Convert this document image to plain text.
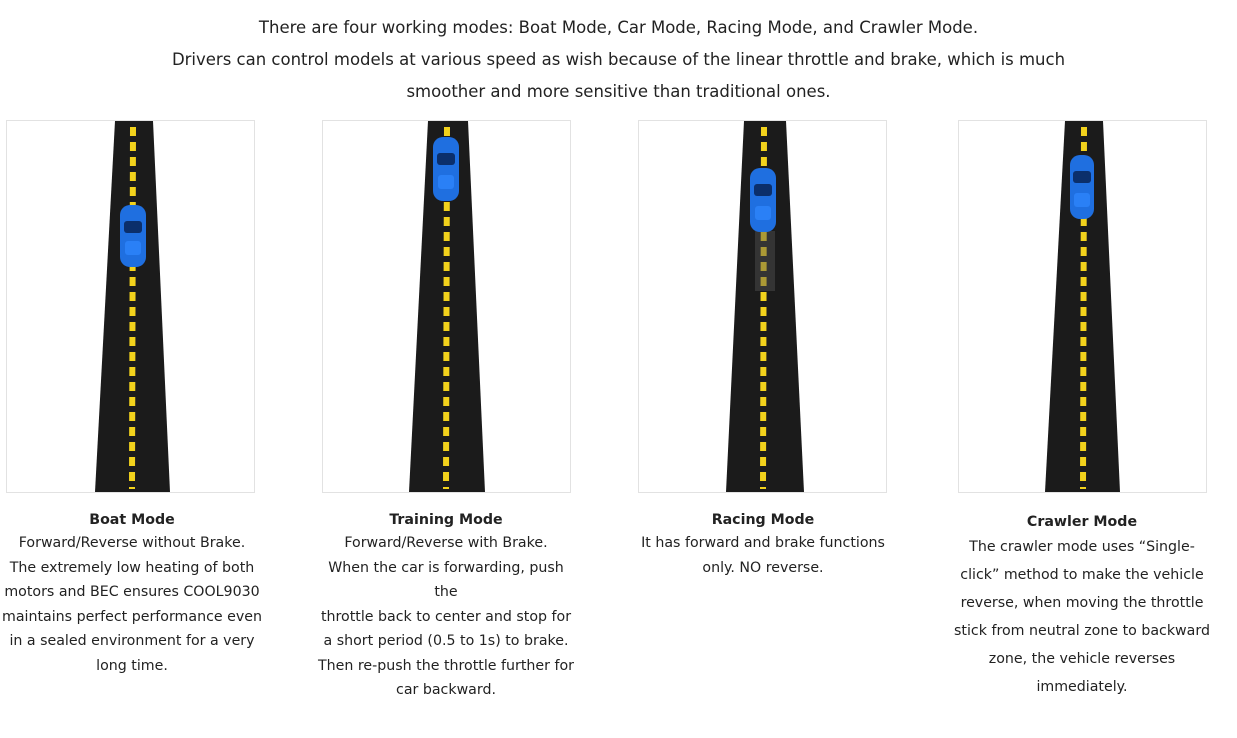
There are four working modes: Boat Mode, Car Mode, Racing Mode, and Crawler Mode.
Drivers can control models at various speed as wish because of the linear throttle and brake, which is much
smoother and more sensitive than traditional ones.
Boat Mode
Forward/Reverse without Brake.
The extremely low heating of both
motors and BEC ensures COOL9030
maintains perfect performance even
in a sealed environment for a very
long time.
Training Mode
Forward/Reverse with Brake.
When the car is forwarding, push the
throttle back to center and stop for
a short period (0.5 to 1s) to brake.
Then re-push the throttle further for
car backward.
Racing Mode
It has forward and brake functions
only. NO reverse.
Crawler Mode
The crawler mode uses “Single-
click” method to make the vehicle
reverse, when moving the throttle
stick from neutral zone to backward
zone, the vehicle reverses
immediately.
